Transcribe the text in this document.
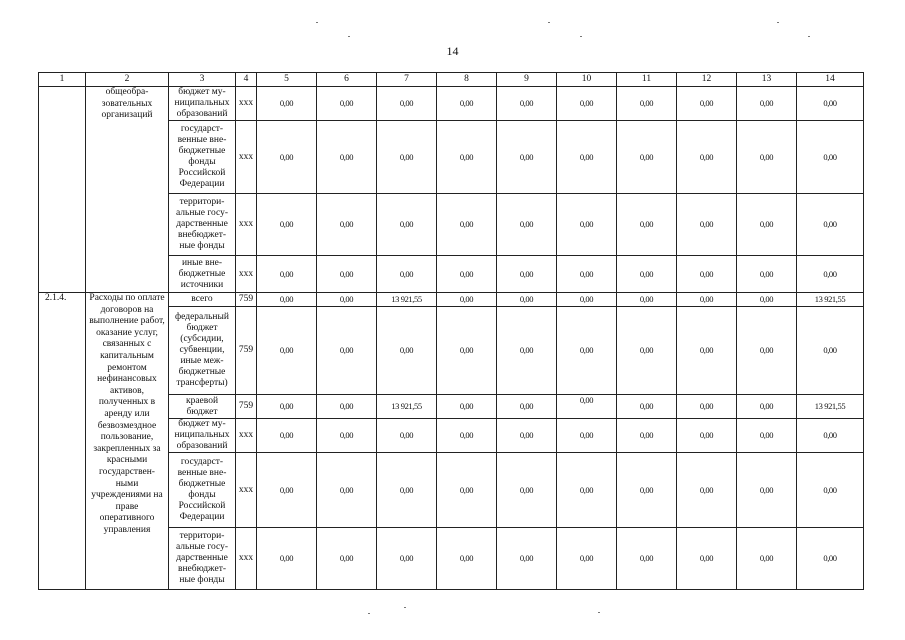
14
1	2	3	4	5	6	7	8	9	10	11	12	13	14
	общеобра-зовательных организаций	бюджет му-ниципальных образований	ххх	0,00	0,00	0,00	0,00	0,00	0,00	0,00	0,00	0,00	0,00
		государст-венные вне-бюджетные фонды Российской Федерации	ххх	0,00	0,00	0,00	0,00	0,00	0,00	0,00	0,00	0,00	0,00
		территори-альные госу-дарственные внебюджет-ные фонды	ххх	0,00	0,00	0,00	0,00	0,00	0,00	0,00	0,00	0,00	0,00
		иные вне-бюджетные источники	ххх	0,00	0,00	0,00	0,00	0,00	0,00	0,00	0,00	0,00	0,00
2.1.4.	Расходы по оплате договоров на выполнение работ, оказание услуг, связанных с капитальным ремонтом нефинансовых активов, полученных в аренду или безвозмездное пользование, закрепленных за красными государствен-ными учреждениями на праве оперативного управления	всего	759	0,00	0,00	13 921,55	0,00	0,00	0,00	0,00	0,00	0,00	13 921,55
		федеральный бюджет (субсидии, субвенции, иные меж-бюджетные трансферты)	759	0,00	0,00	0,00	0,00	0,00	0,00	0,00	0,00	0,00	0,00
		краевой бюджет	759	0,00	0,00	13 921,55	0,00	0,00	0,00	0,00	0,00	0,00	13 921,55
		бюджет му-ниципальных образований	ххх	0,00	0,00	0,00	0,00	0,00	0,00	0,00	0,00	0,00	0,00
		государст-венные вне-бюджетные фонды Российской Федерации	ххх	0,00	0,00	0,00	0,00	0,00	0,00	0,00	0,00	0,00	0,00
		территори-альные госу-дарственные внебюджет-ные фонды	ххх	0,00	0,00	0,00	0,00	0,00	0,00	0,00	0,00	0,00	0,00
